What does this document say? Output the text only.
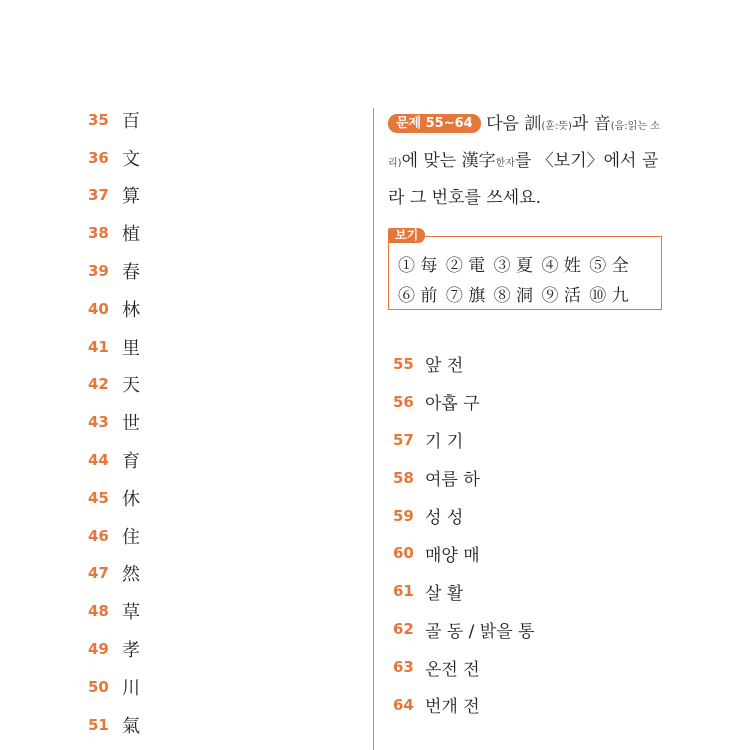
35 百
36 文
37 算
38 植
39 春
40 林
41 里
42 天
43 世
44 育
45 休
46 住
47 然
48 草
49 孝
50 川
51 氣
문제 55~64 다음 訓(훈:뜻)과 音(음:읽는 소리)에 맞는 漢字한자를 〈보기〉에서 골라 그 번호를 쓰세요.
보기
① 每 ② 電 ③ 夏 ④ 姓 ⑤ 全
⑥ 前 ⑦ 旗 ⑧ 洞 ⑨ 活 ⑩ 九
55 앞 전
56 아홉 구
57 기 기
58 여름 하
59 성 성
60 매양 매
61 살 활
62 골 동 / 밝을 통
63 온전 전
64 번개 전
